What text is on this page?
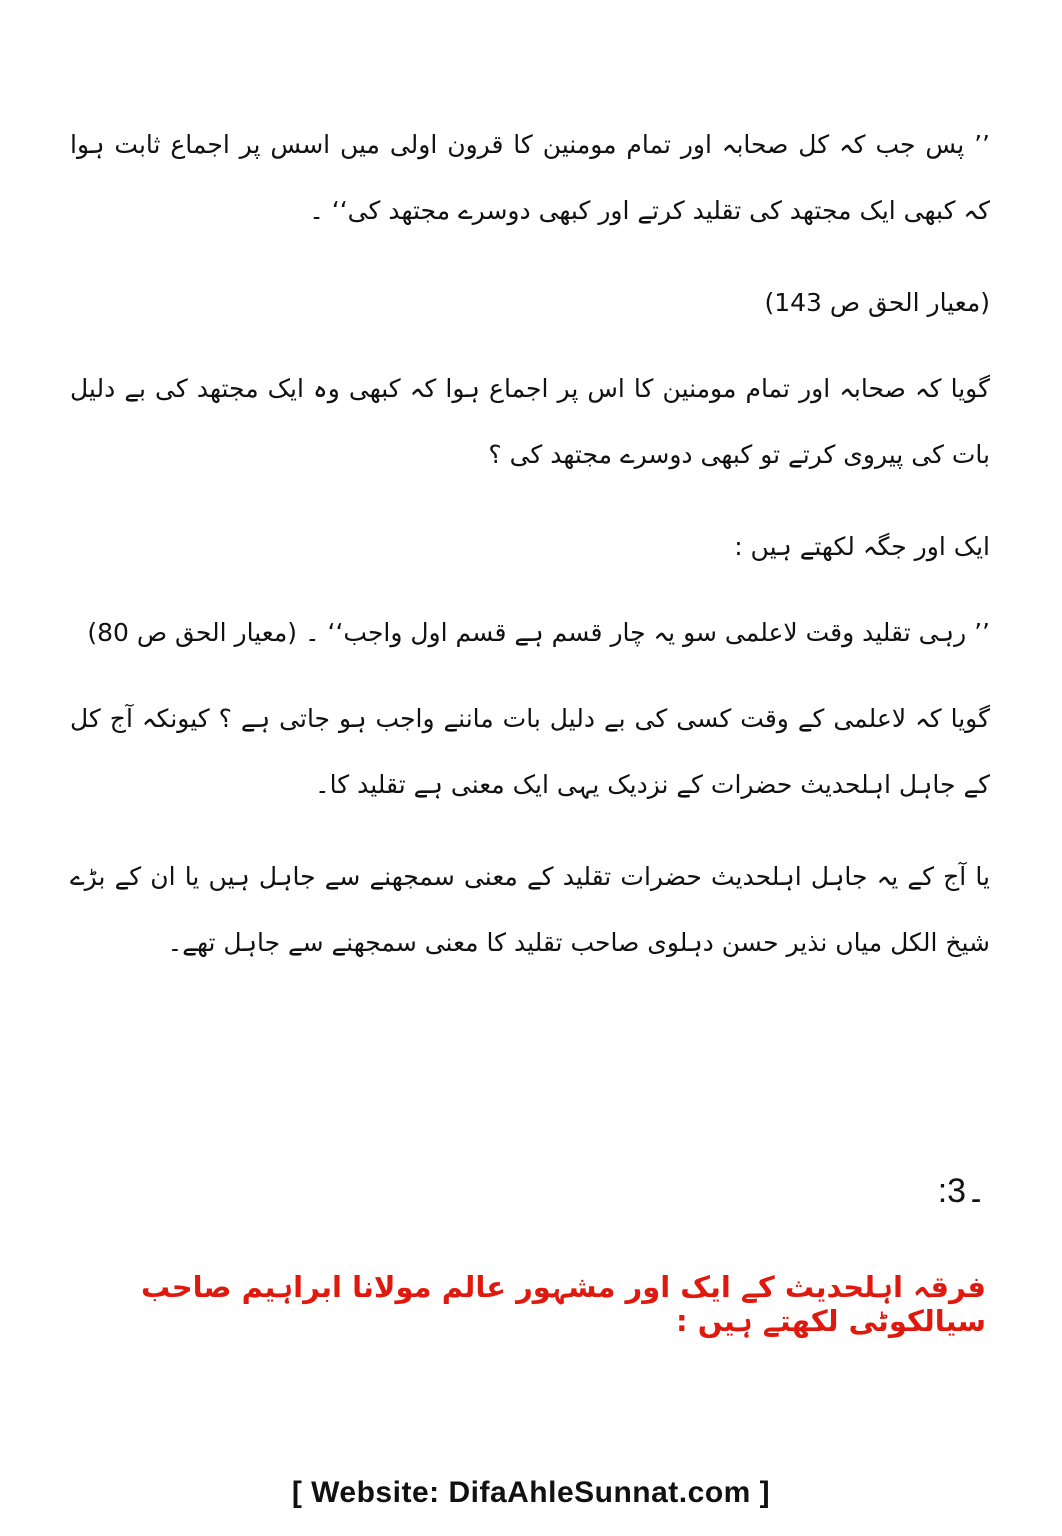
’’ پس جب کہ کل صحابہ اور تمام مومنین کا قرون اولی میں اسس پر اجماع ثابت ہوا کہ کبھی ایک مجتھد کی تقلید کرتے اور کبھی دوسرے مجتھد کی‘‘ ۔

(معیار الحق ص 143)

گویا کہ صحابہ اور تمام مومنین کا اس پر اجماع ہوا کہ کبھی وہ ایک مجتھد کی بے دلیل بات کی پیروی کرتے تو کبھی دوسرے مجتھد کی ؟

ایک اور جگہ لکھتے ہیں :

’’ رہی تقلید وقت لاعلمی سو یہ چار قسم ہے قسم اول واجب‘‘ ۔ (معیار الحق ص 80)

گویا کہ لاعلمی کے وقت کسی کی بے دلیل بات ماننے واجب ہو جاتی ہے ؟ کیونکہ آج کل کے جاہل اہلحدیث حضرات کے نزدیک یہی ایک معنی ہے تقلید کا۔

یا آج کے یہ جاہل اہلحدیث حضرات تقلید کے معنی سمجھنے سے جاہل ہیں یا ان کے بڑے شیخ الکل میاں نذیر حسن دہلوی صاحب تقلید کا معنی سمجھنے سے جاہل تھے۔

:3۔
فرقہ اہلحدیث کے ایک اور مشہور عالم مولانا ابراہیم صاحب سیالکوٹی لکھتے ہیں :
[ Website: DifaAhleSunnat.com ]
